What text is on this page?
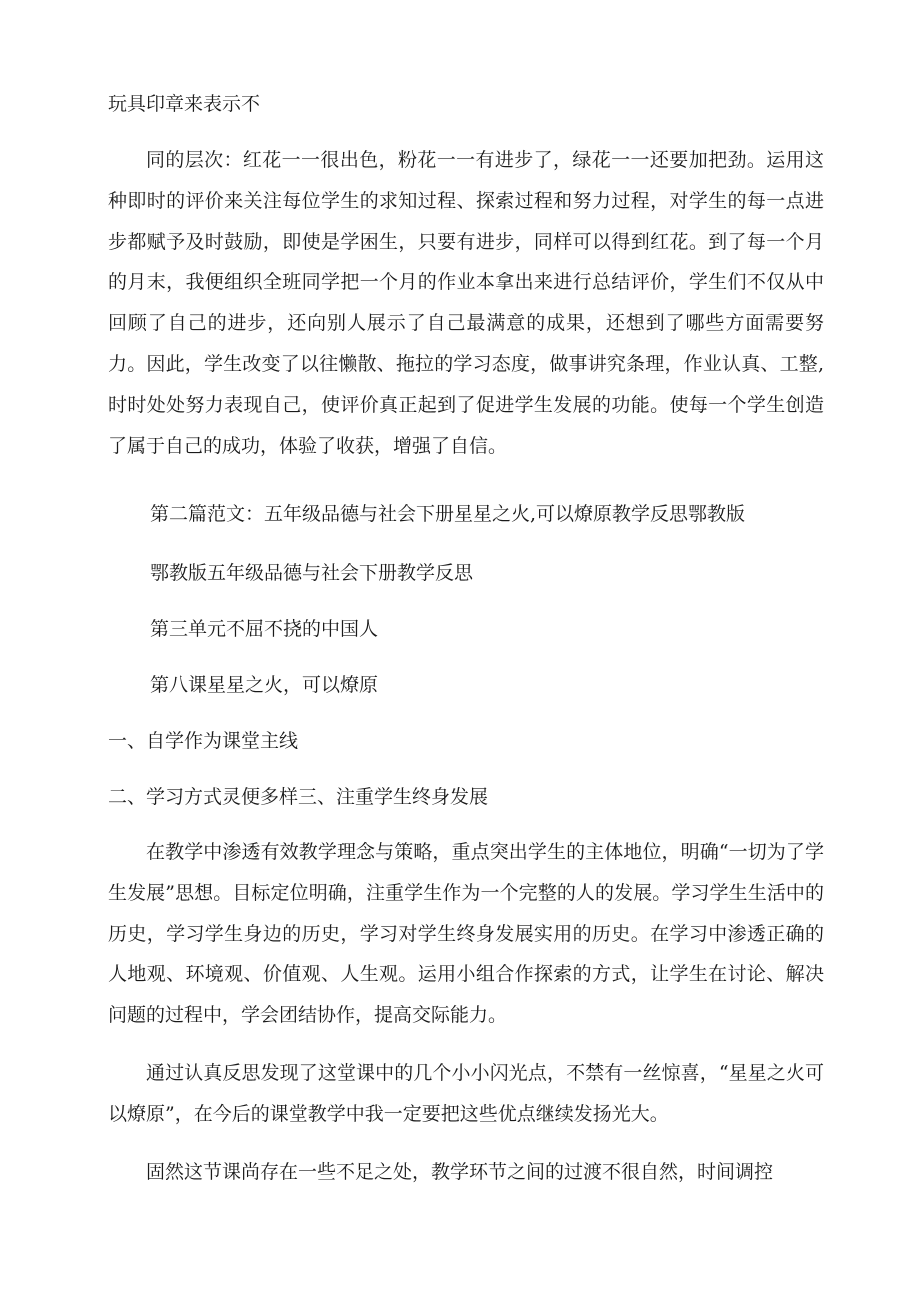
玩具印章来表示不
同的层次：红花一一很出色，粉花一一有进步了，绿花一一还要加把劲。运用这种即时的评价来关注每位学生的求知过程、探索过程和努力过程，对学生的每一点进步都赋予及时鼓励，即使是学困生，只要有进步，同样可以得到红花。到了每一个月的月末，我便组织全班同学把一个月的作业本拿出来进行总结评价，学生们不仅从中回顾了自己的进步，还向别人展示了自己最满意的成果，还想到了哪些方面需要努力。因此，学生改变了以往懒散、拖拉的学习态度，做事讲究条理，作业认真、工整,时时处处努力表现自己，使评价真正起到了促进学生发展的功能。使每一个学生创造了属于自己的成功，体验了收获，增强了自信。
第二篇范文：五年级品德与社会下册星星之火,可以燎原教学反思鄂教版
鄂教版五年级品德与社会下册教学反思
第三单元不屈不挠的中国人
第八课星星之火，可以燎原
一、自学作为课堂主线
二、学习方式灵便多样三、注重学生终身发展
在教学中渗透有效教学理念与策略，重点突出学生的主体地位，明确“一切为了学生发展”思想。目标定位明确，注重学生作为一个完整的人的发展。学习学生生活中的历史，学习学生身边的历史，学习对学生终身发展实用的历史。在学习中渗透正确的人地观、环境观、价值观、人生观。运用小组合作探索的方式，让学生在讨论、解决问题的过程中，学会团结协作，提高交际能力。
通过认真反思发现了这堂课中的几个小小闪光点，不禁有一丝惊喜，“星星之火可以燎原”，在今后的课堂教学中我一定要把这些优点继续发扬光大。
固然这节课尚存在一些不足之处，教学环节之间的过渡不很自然，时间调控
